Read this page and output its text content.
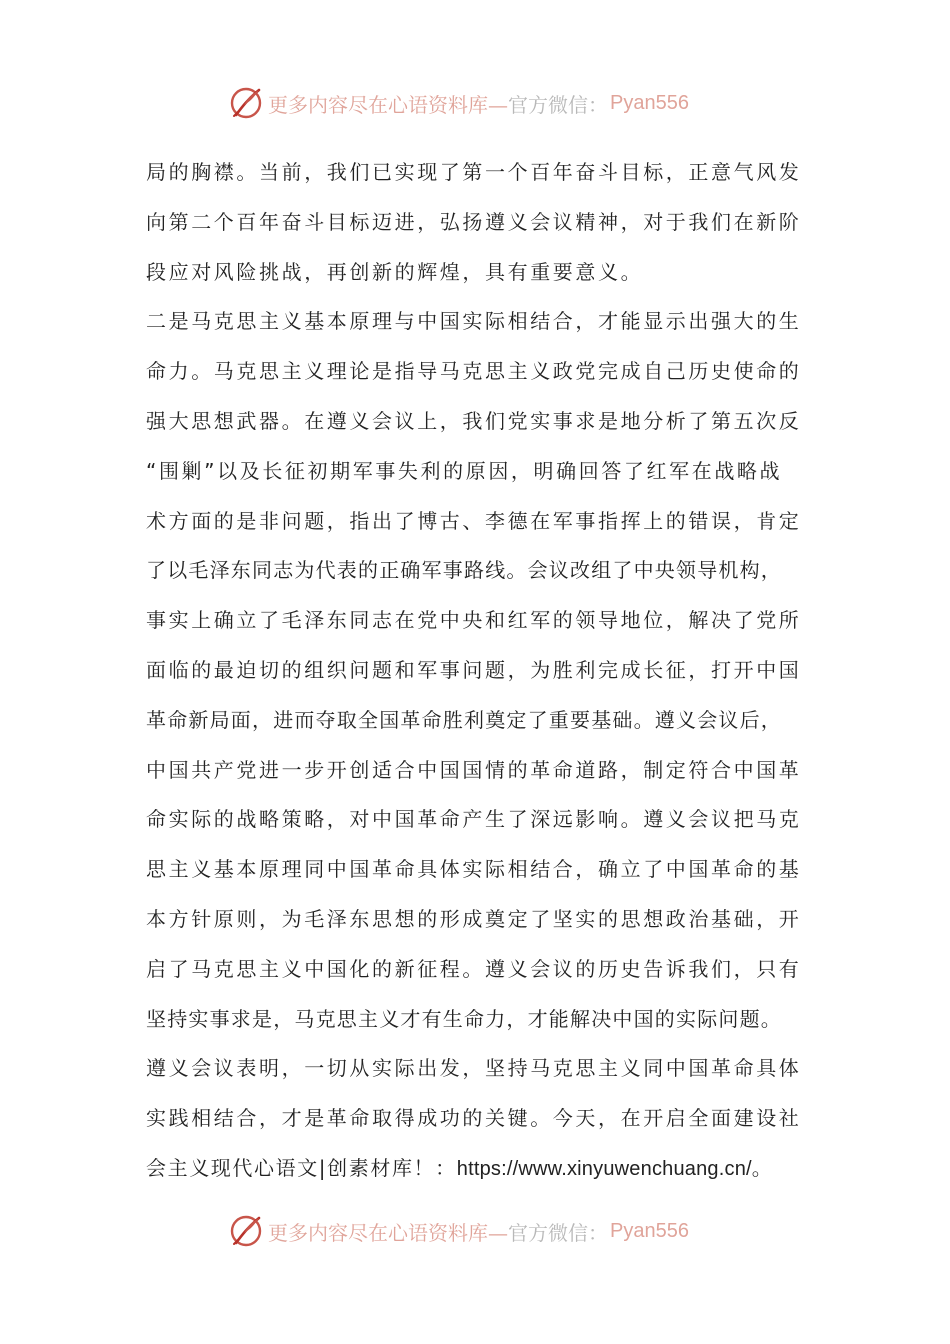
更多内容尽在心语资料库— 官方微信： Pyan556
局的胸襟。当前，我们已实现了第一个百年奋斗目标，正意气风发
向第二个百年奋斗目标迈进，弘扬遵义会议精神，对于我们在新阶
段应对风险挑战，再创新的辉煌，具有重要意义。
二是马克思主义基本原理与中国实际相结合，才能显示出强大的生
命力。马克思主义理论是指导马克思主义政党完成自己历史使命的
强大思想武器。在遵义会议上，我们党实事求是地分析了第五次反
“围剿”以及长征初期军事失利的原因，明确回答了红军在战略战
术方面的是非问题，指出了博古、李德在军事指挥上的错误，肯定
了以毛泽东同志为代表的正确军事路线。会议改组了中央领导机构，
事实上确立了毛泽东同志在党中央和红军的领导地位，解决了党所
面临的最迫切的组织问题和军事问题，为胜利完成长征，打开中国
革命新局面，进而夺取全国革命胜利奠定了重要基础。遵义会议后，
中国共产党进一步开创适合中国国情的革命道路，制定符合中国革
命实际的战略策略，对中国革命产生了深远影响。遵义会议把马克
思主义基本原理同中国革命具体实际相结合，确立了中国革命的基
本方针原则，为毛泽东思想的形成奠定了坚实的思想政治基础，开
启了马克思主义中国化的新征程。遵义会议的历史告诉我们，只有
坚持实事求是，马克思主义才有生命力，才能解决中国的实际问题。
遵义会议表明，一切从实际出发，坚持马克思主义同中国革命具体
实践相结合，才是革命取得成功的关键。今天，在开启全面建设社
会主义现代心语文|创素材库！：https://www.xinyuwenchuang.cn/。
更多内容尽在心语资料库— 官方微信： Pyan556
